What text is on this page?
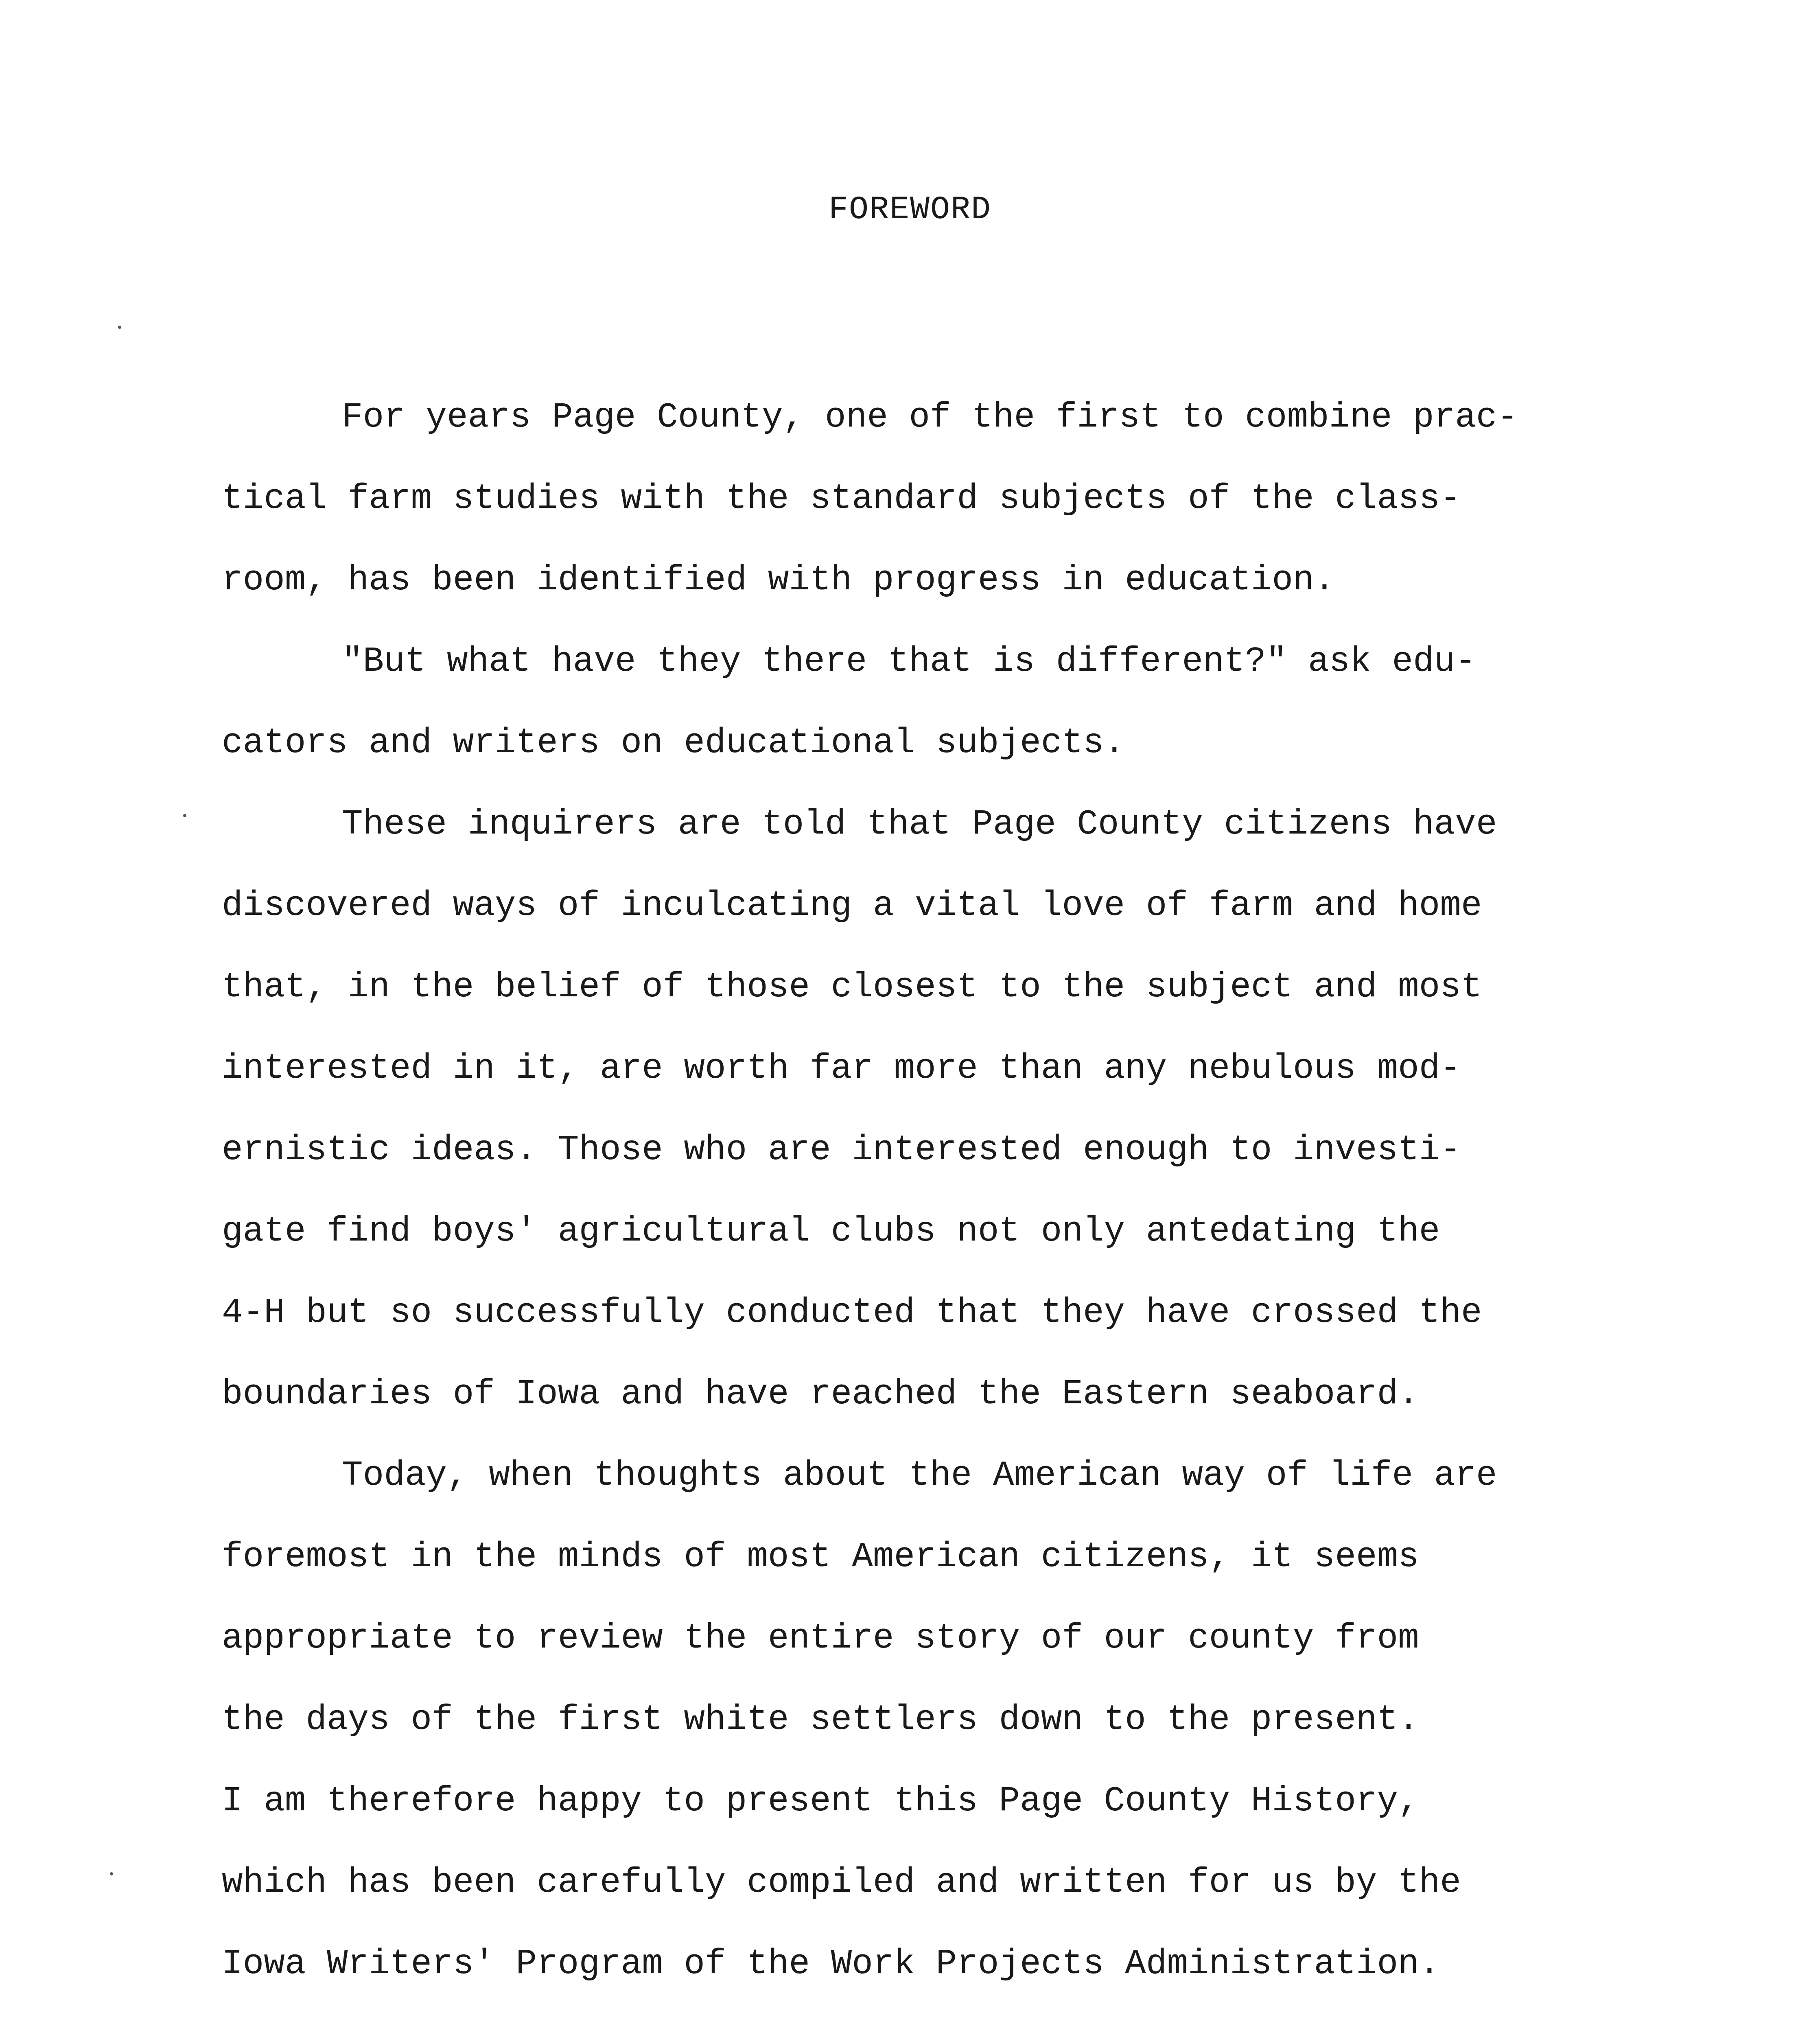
FOREWORD

For years Page County, one of the first to combine prac-

tical farm studies with the standard subjects of the class-

room, has been identified with progress in education.

"But what have they there that is different?" ask edu-

cators and writers on educational subjects.

These inquirers are told that Page County citizens have

discovered ways of inculcating a vital love of farm and home

that, in the belief of those closest to the subject and most

interested in it, are worth far more than any nebulous mod-

ernistic ideas. Those who are interested enough to investi-

gate find boys' agricultural clubs not only antedating the

4-H but so successfully conducted that they have crossed the

boundaries of Iowa and have reached the Eastern seaboard.

Today, when thoughts about the American way of life are

foremost in the minds of most American citizens, it seems

appropriate to review the entire story of our county from

the days of the first white settlers down to the present.

I am therefore happy to present this Page County History,

which has been carefully compiled and written for us by the

Iowa Writers' Program of the Work Projects Administration.
